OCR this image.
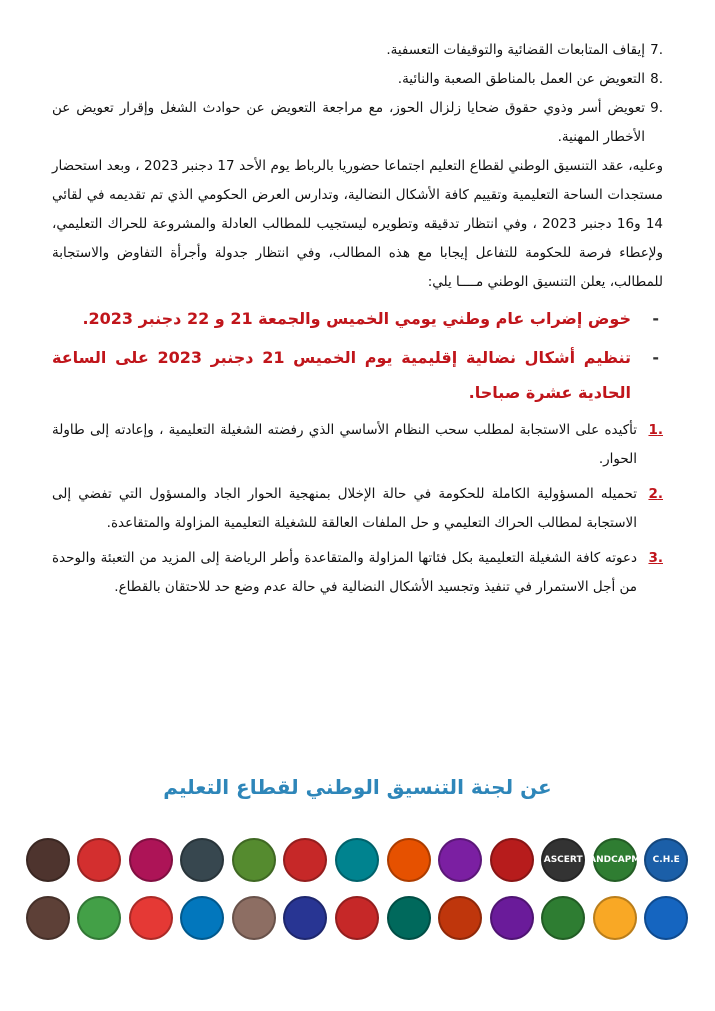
.7
إيقاف المتابعات القضائية والتوقيفات التعسفية.

.8
التعويض عن العمل بالمناطق الصعبة والنائية.

.9
تعويض أسر وذوي حقوق ضحايا زلزال الحوز، مع مراجعة التعويض عن حوادث الشغل وإقرار تعويض عن الأخطار المهنية.

وعليه، عقد التنسيق الوطني لقطاع التعليم اجتماعا حضوريا بالرباط يوم الأحد 17 دجنبر 2023 ، وبعد استحضار مستجدات الساحة التعليمية وتقييم كافة الأشكال النضالية، وتدارس العرض الحكومي الذي تم تقديمه في لقائي 14 و16 دجنبر 2023 ، وفي انتظار تدقيقه وتطويره ليستجيب للمطالب العادلة والمشروعة للحراك التعليمي، ولإعطاء فرصة للحكومة للتفاعل إيجابا مع هذه المطالب، وفي انتظار جدولة وأجرأة التفاوض والاستجابة للمطالب، يعلن التنسيق الوطني مــــا يلي:

-
خوض إضراب عام وطني يومي الخميس والجمعة 21 و 22 دجنبر 2023.

-
تنظيم أشكال نضالية إقليمية يوم الخميس 21 دجنبر 2023 على الساعة الحادية عشرة صباحا.

.1
تأكيده على الاستجابة لمطلب سحب النظام الأساسي الذي رفضته الشغيلة التعليمية ، وإعادته إلى طاولة الحوار.

.2
تحميله المسؤولية الكاملة للحكومة في حالة الإخلال بمنهجية الحوار الجاد والمسؤول التي تفضي إلى الاستجابة لمطالب الحراك التعليمي و حل الملفات العالقة للشغيلة التعليمية المزاولة والمتقاعدة.

.3
دعوته كافة الشغيلة التعليمية بكل فئاتها المزاولة والمتقاعدة وأطر الرياضة إلى المزيد من التعبئة والوحدة من أجل الاستمرار في تنفيذ وتجسيد الأشكال النضالية في حالة عدم وضع حد للاحتقان بالقطاع.

عن لجنة التنسيق الوطني لقطاع التعليم
C.H.E
ANDCAPM
ASCERT
